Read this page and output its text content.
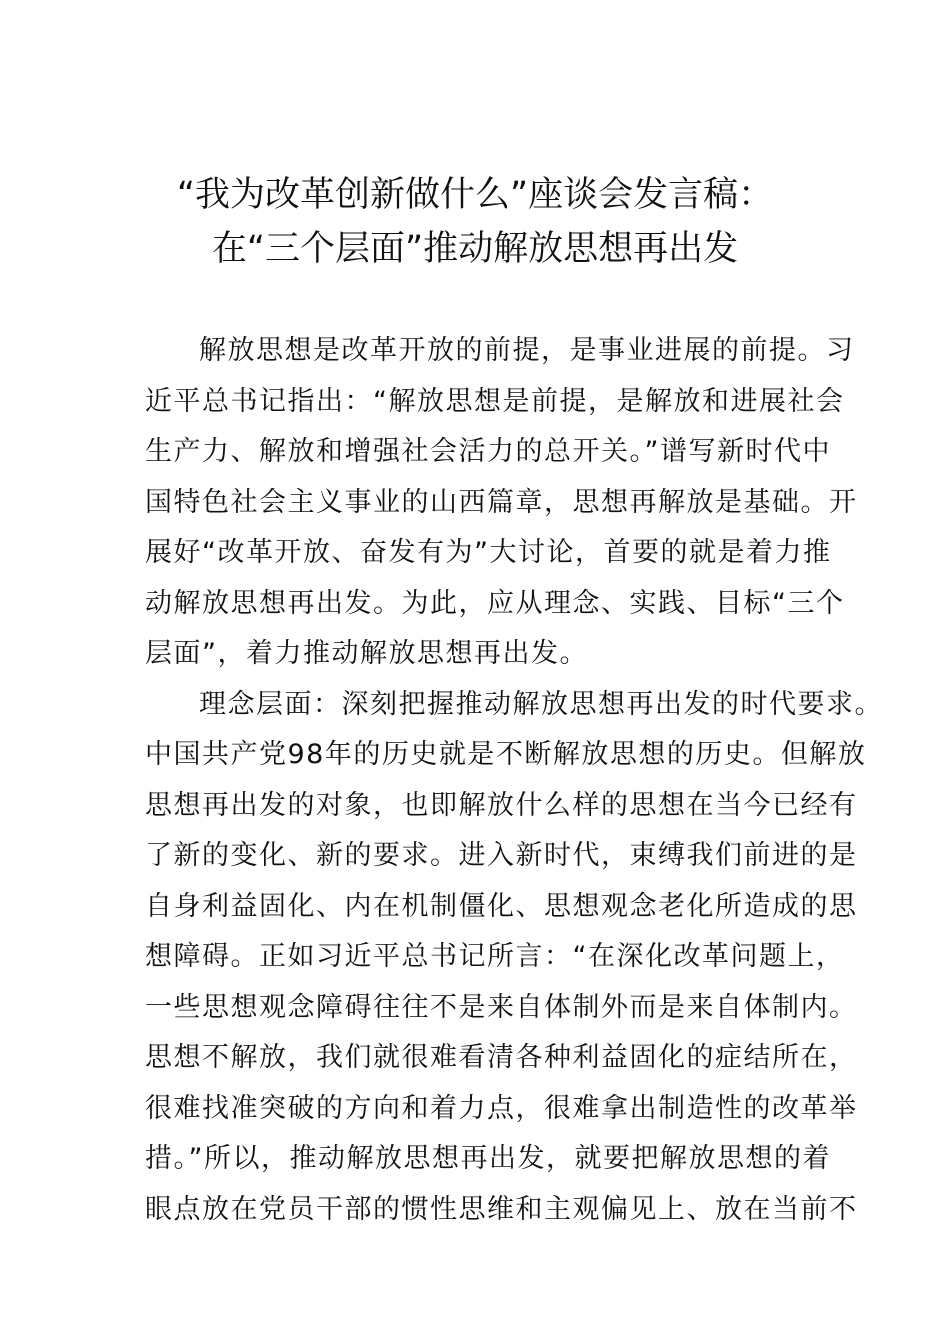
“我为改革创新做什么”座谈会发言稿：
在“三个层面”推动解放思想再出发
解放思想是改革开放的前提，是事业进展的前提。习
近平总书记指出：“解放思想是前提，是解放和进展社会
生产力、解放和增强社会活力的总开关。”谱写新时代中
国特色社会主义事业的山西篇章，思想再解放是基础。开
展好“改革开放、奋发有为”大讨论，首要的就是着力推
动解放思想再出发。为此，应从理念、实践、目标“三个
层面”，着力推动解放思想再出发。
理念层面：深刻把握推动解放思想再出发的时代要求。
中国共产党98年的历史就是不断解放思想的历史。但解放
思想再出发的对象，也即解放什么样的思想在当今已经有
了新的变化、新的要求。进入新时代，束缚我们前进的是
自身利益固化、内在机制僵化、思想观念老化所造成的思
想障碍。正如习近平总书记所言：“在深化改革问题上，
一些思想观念障碍往往不是来自体制外而是来自体制内。
思想不解放，我们就很难看清各种利益固化的症结所在，
很难找准突破的方向和着力点，很难拿出制造性的改革举
措。”所以，推动解放思想再出发，就要把解放思想的着
眼点放在党员干部的惯性思维和主观偏见上、放在当前不
